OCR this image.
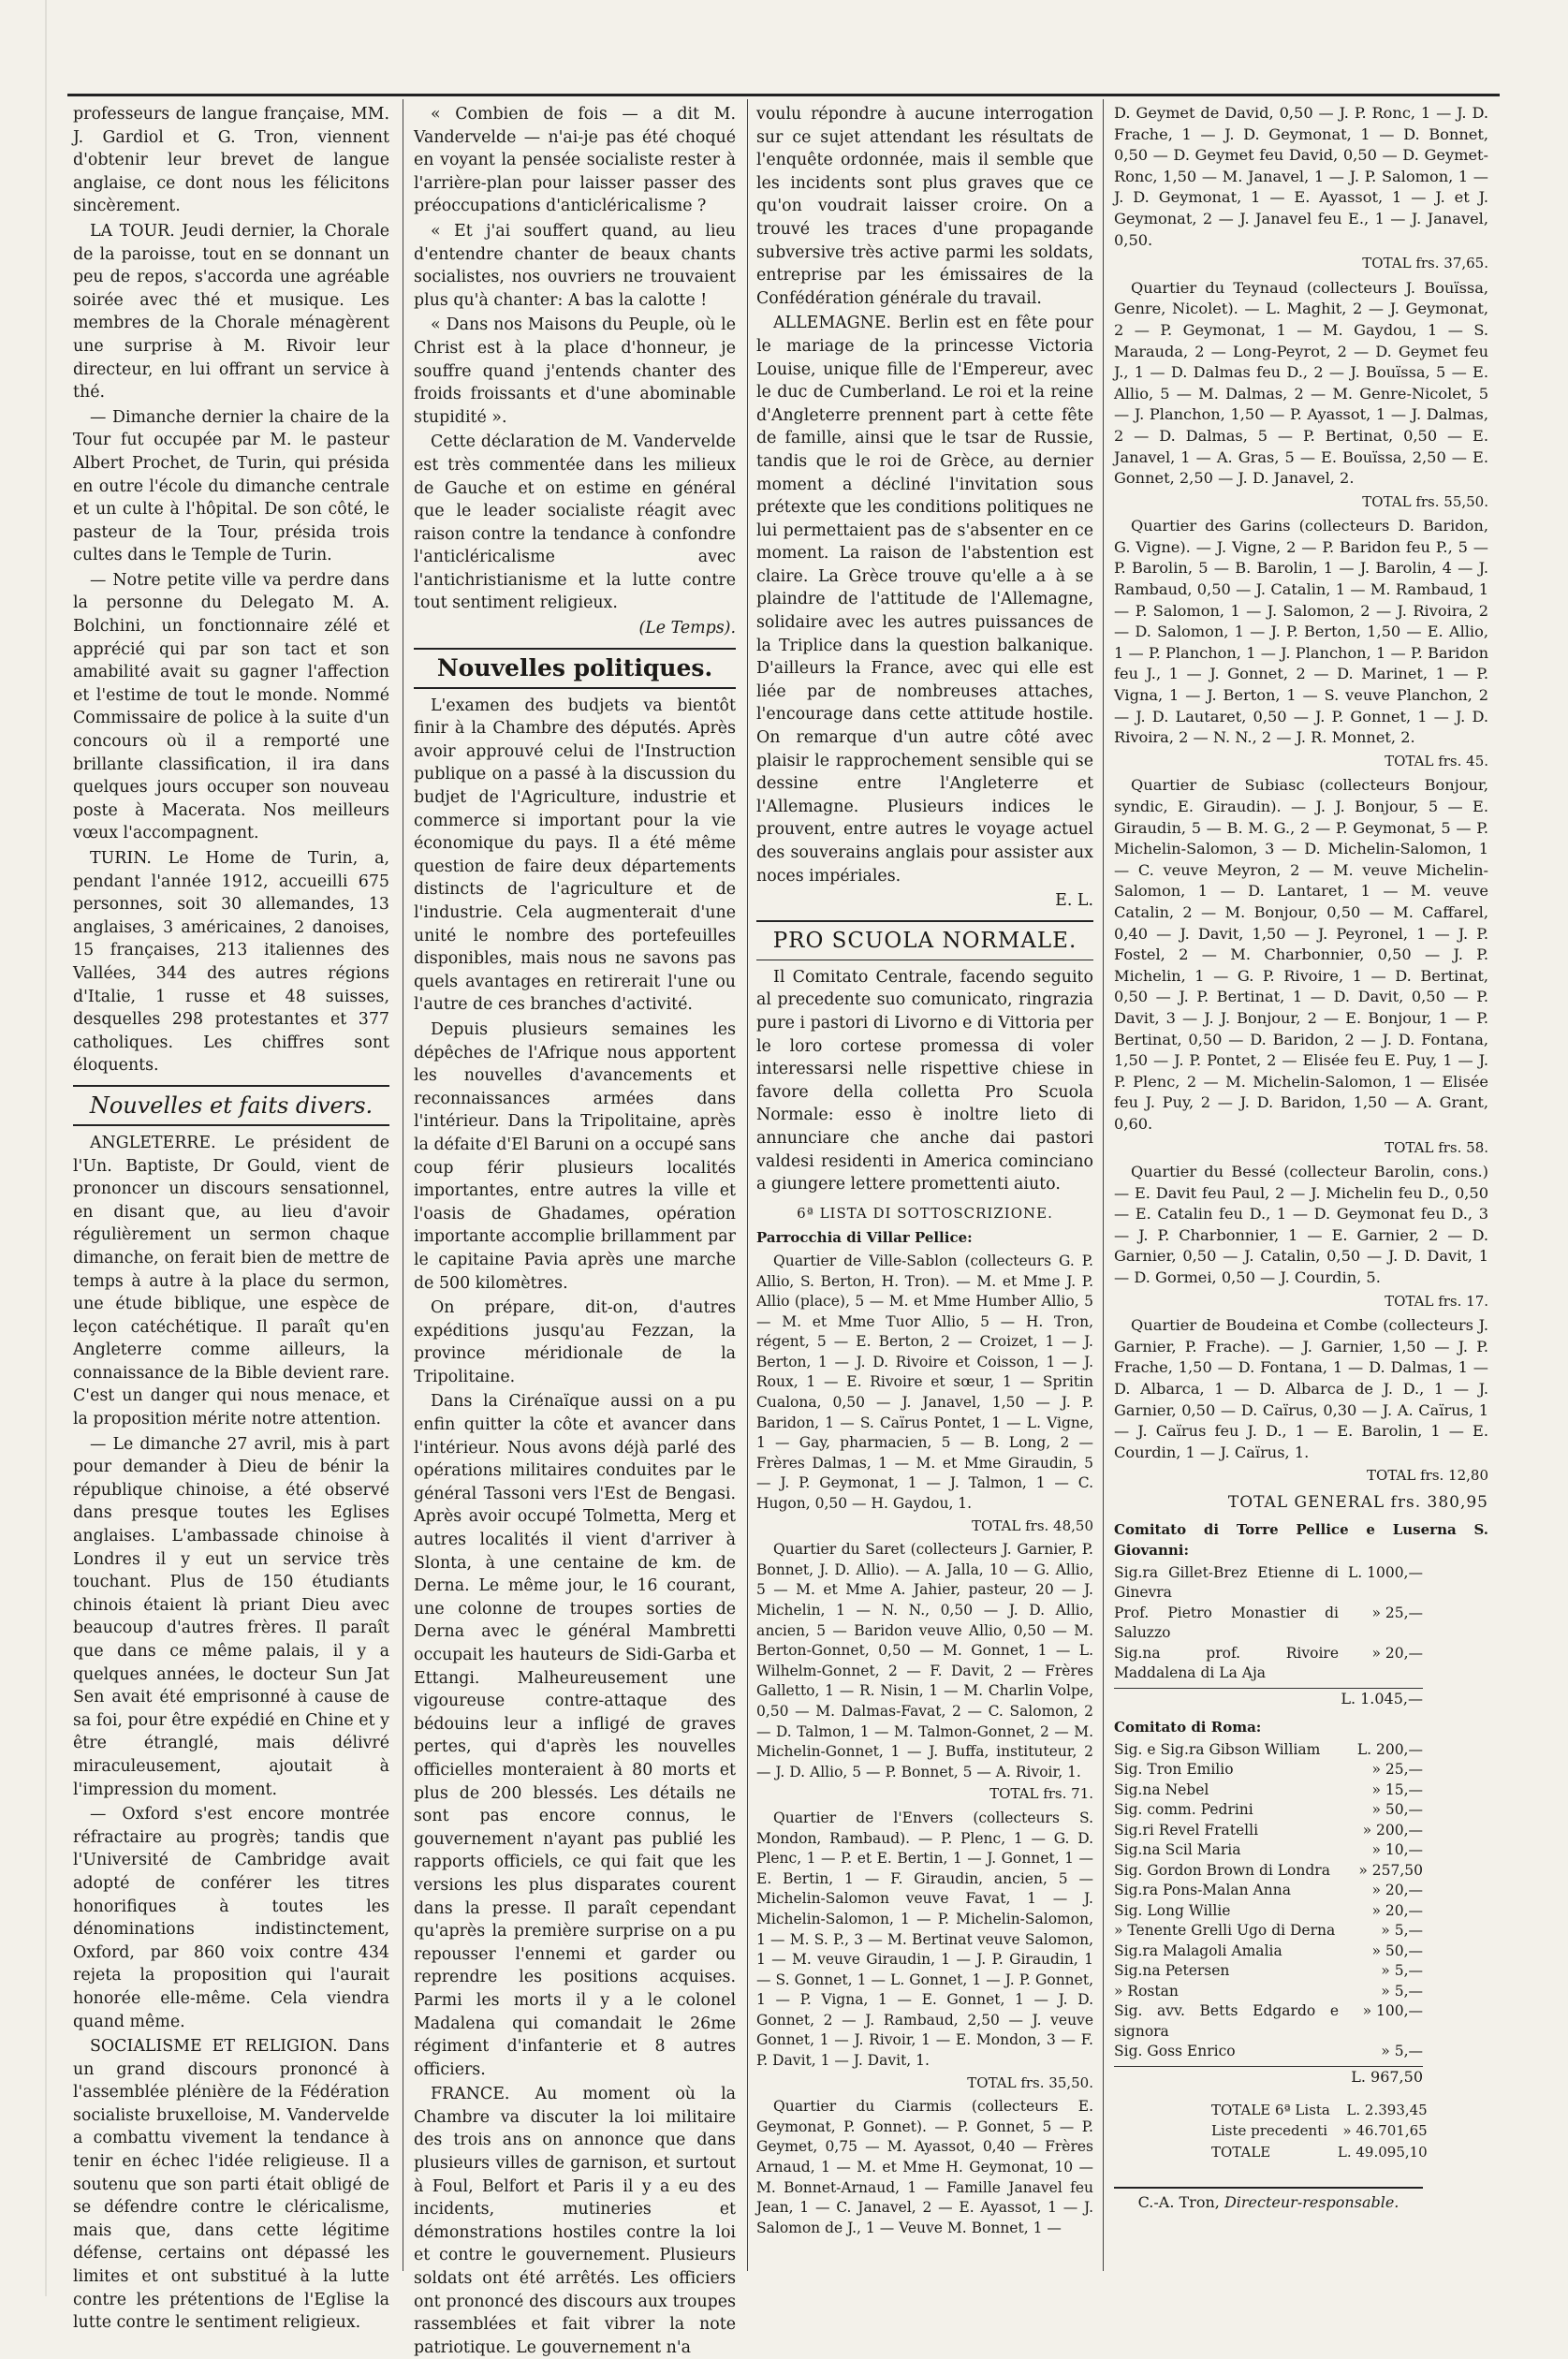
professeurs de langue française, MM. J. Gardiol et G. Tron, viennent d'obtenir leur brevet de langue anglaise, ce dont nous les félicitons sincèrement.

LA TOUR. Jeudi dernier, la Chorale de la paroisse, tout en se donnant un peu de repos, s'accorda une agréable soirée avec thé et musique. Les membres de la Chorale ménagèrent une surprise à M. Rivoir leur directeur, en lui offrant un service à thé.

— Dimanche dernier la chaire de la Tour fut occupée par M. le pasteur Albert Prochet, de Turin, qui présida en outre l'école du dimanche centrale et un culte à l'hôpital. De son côté, le pasteur de la Tour, présida trois cultes dans le Temple de Turin.

— Notre petite ville va perdre dans la personne du Delegato M. A. Bolchini, un fonctionnaire zélé et apprécié qui par son tact et son amabilité avait su gagner l'affection et l'estime de tout le monde. Nommé Commissaire de police à la suite d'un concours où il a remporté une brillante classification, il ira dans quelques jours occuper son nouveau poste à Macerata. Nos meilleurs vœux l'accompagnent.

TURIN. Le Home de Turin, a, pendant l'année 1912, accueilli 675 personnes, soit 30 allemandes, 13 anglaises, 3 américaines, 2 danoises, 15 françaises, 213 italiennes des Vallées, 344 des autres régions d'Italie, 1 russe et 48 suisses, desquelles 298 protestantes et 377 catholiques. Les chiffres sont éloquents.

Nouvelles et faits divers.

ANGLETERRE. Le président de l'Un. Baptiste, Dr Gould, vient de prononcer un discours sensationnel, en disant que, au lieu d'avoir régulièrement un sermon chaque dimanche, on ferait bien de mettre de temps à autre à la place du sermon, une étude biblique, une espèce de leçon catéchétique. Il paraît qu'en Angleterre comme ailleurs, la connaissance de la Bible devient rare. C'est un danger qui nous menace, et la proposition mérite notre attention.

— Le dimanche 27 avril, mis à part pour demander à Dieu de bénir la république chinoise, a été observé dans presque toutes les Eglises anglaises. L'ambassade chinoise à Londres il y eut un service très touchant. Plus de 150 étudiants chinois étaient là priant Dieu avec beaucoup d'autres frères. Il paraît que dans ce même palais, il y a quelques années, le docteur Sun Jat Sen avait été emprisonné à cause de sa foi, pour être expédié en Chine et y être étranglé, mais délivré miraculeusement, ajoutait à l'impression du moment.

— Oxford s'est encore montrée réfractaire au progrès; tandis que l'Université de Cambridge avait adopté de conférer les titres honorifiques à toutes les dénominations indistinctement, Oxford, par 860 voix contre 434 rejeta la proposition qui l'aurait honorée elle-même. Cela viendra quand même.

SOCIALISME ET RELIGION. Dans un grand discours prononcé à l'assemblée plénière de la Fédération socialiste bruxelloise, M. Vandervelde a combattu vivement la tendance à tenir en échec l'idée religieuse. Il a soutenu que son parti était obligé de se défendre contre le cléricalisme, mais que, dans cette légitime défense, certains ont dépassé les limites et ont substitué à la lutte contre les prétentions de l'Eglise la lutte contre le sentiment religieux.

« Combien de fois — a dit M. Vandervelde — n'ai-je pas été choqué en voyant la pensée socialiste rester à l'arrière-plan pour laisser passer des préoccupations d'anticléricalisme ?

« Et j'ai souffert quand, au lieu d'entendre chanter de beaux chants socialistes, nos ouvriers ne trouvaient plus qu'à chanter: A bas la calotte !

« Dans nos Maisons du Peuple, où le Christ est à la place d'honneur, je souffre quand j'entends chanter des froids froissants et d'une abominable stupidité ».

Cette déclaration de M. Vandervelde est très commentée dans les milieux de Gauche et on estime en général que le leader socialiste réagit avec raison contre la tendance à confondre l'anticléricalisme avec l'antichristianisme et la lutte contre tout sentiment religieux.

(Le Temps).
Nouvelles politiques.

L'examen des budjets va bientôt finir à la Chambre des députés. Après avoir approuvé celui de l'Instruction publique on a passé à la discussion du budjet de l'Agriculture, industrie et commerce si important pour la vie économique du pays. Il a été même question de faire deux départements distincts de l'agriculture et de l'industrie. Cela augmenterait d'une unité le nombre des portefeuilles disponibles, mais nous ne savons pas quels avantages en retirerait l'une ou l'autre de ces branches d'activité.

Depuis plusieurs semaines les dépêches de l'Afrique nous apportent les nouvelles d'avancements et reconnaissances armées dans l'intérieur. Dans la Tripolitaine, après la défaite d'El Baruni on a occupé sans coup férir plusieurs localités importantes, entre autres la ville et l'oasis de Ghadames, opération importante accomplie brillamment par le capitaine Pavia après une marche de 500 kilomètres.

On prépare, dit-on, d'autres expéditions jusqu'au Fezzan, la province méridionale de la Tripolitaine.

Dans la Cirénaïque aussi on a pu enfin quitter la côte et avancer dans l'intérieur. Nous avons déjà parlé des opérations militaires conduites par le général Tassoni vers l'Est de Bengasi. Après avoir occupé Tolmetta, Merg et autres localités il vient d'arriver à Slonta, à une centaine de km. de Derna. Le même jour, le 16 courant, une colonne de troupes sorties de Derna avec le général Mambretti occupait les hauteurs de Sidi-Garba et Ettangi. Malheureusement une vigoureuse contre-attaque des bédouins leur a infligé de graves pertes, qui d'après les nouvelles officielles monteraient à 80 morts et plus de 200 blessés. Les détails ne sont pas encore connus, le gouvernement n'ayant pas publié les rapports officiels, ce qui fait que les versions les plus disparates courent dans la presse. Il paraît cependant qu'après la première surprise on a pu repousser l'ennemi et garder ou reprendre les positions acquises. Parmi les morts il y a le colonel Madalena qui comandait le 26me régiment d'infanterie et 8 autres officiers.

FRANCE. Au moment où la Chambre va discuter la loi militaire des trois ans on annonce que dans plusieurs villes de garnison, et surtout à Foul, Belfort et Paris il y a eu des incidents, mutineries et démonstrations hostiles contre la loi et contre le gouvernement. Plusieurs soldats ont été arrêtés. Les officiers ont prononcé des discours aux troupes rassemblées et fait vibrer la note patriotique. Le gouvernement n'a

voulu répondre à aucune interrogation sur ce sujet attendant les résultats de l'enquête ordonnée, mais il semble que les incidents sont plus graves que ce qu'on voudrait laisser croire. On a trouvé les traces d'une propagande subversive très active parmi les soldats, entreprise par les émissaires de la Confédération générale du travail.

ALLEMAGNE. Berlin est en fête pour le mariage de la princesse Victoria Louise, unique fille de l'Empereur, avec le duc de Cumberland. Le roi et la reine d'Angleterre prennent part à cette fête de famille, ainsi que le tsar de Russie, tandis que le roi de Grèce, au dernier moment a décliné l'invitation sous prétexte que les conditions politiques ne lui permettaient pas de s'absenter en ce moment. La raison de l'abstention est claire. La Grèce trouve qu'elle a à se plaindre de l'attitude de l'Allemagne, solidaire avec les autres puissances de la Triplice dans la question balkanique. D'ailleurs la France, avec qui elle est liée par de nombreuses attaches, l'encourage dans cette attitude hostile. On remarque d'un autre côté avec plaisir le rapprochement sensible qui se dessine entre l'Angleterre et l'Allemagne. Plusieurs indices le prouvent, entre autres le voyage actuel des souverains anglais pour assister aux noces impériales.

E. L.
PRO SCUOLA NORMALE.

Il Comitato Centrale, facendo seguito al precedente suo comunicato, ringrazia pure i pastori di Livorno e di Vittoria per le loro cortese promessa di voler interessarsi nelle rispettive chiese in favore della colletta Pro Scuola Normale: esso è inoltre lieto di annunciare che anche dai pastori valdesi residenti in America cominciano a giungere lettere promettenti aiuto.

6ª LISTA DI SOTTOSCRIZIONE.
Parrocchia di Villar Pellice:

Quartier de Ville-Sablon (collecteurs G. P. Allio, S. Berton, H. Tron). — M. et Mme J. P. Allio (place), 5 — M. et Mme Humber Allio, 5 — M. et Mme Tuor Allio, 5 — H. Tron, régent, 5 — E. Berton, 2 — Croizet, 1 — J. Berton, 1 — J. D. Rivoire et Coisson, 1 — J. Roux, 1 — E. Rivoire et sœur, 1 — Spritin Cualona, 0,50 — J. Janavel, 1,50 — J. P. Baridon, 1 — S. Caïrus Pontet, 1 — L. Vigne, 1 — Gay, pharmacien, 5 — B. Long, 2 — Frères Dalmas, 1 — M. et Mme Giraudin, 5 — J. P. Geymonat, 1 — J. Talmon, 1 — C. Hugon, 0,50 — H. Gaydou, 1.

TOTAL frs. 48,50

Quartier du Saret (collecteurs J. Garnier, P. Bonnet, J. D. Allio). — A. Jalla, 10 — G. Allio, 5 — M. et Mme A. Jahier, pasteur, 20 — J. Michelin, 1 — N. N., 0,50 — J. D. Allio, ancien, 5 — Baridon veuve Allio, 0,50 — M. Berton-Gonnet, 0,50 — M. Gonnet, 1 — L. Wilhelm-Gonnet, 2 — F. Davit, 2 — Frères Galletto, 1 — R. Nisin, 1 — M. Charlin Volpe, 0,50 — M. Dalmas-Favat, 2 — C. Salomon, 2 — D. Talmon, 1 — M. Talmon-Gonnet, 2 — M. Michelin-Gonnet, 1 — J. Buffa, instituteur, 2 — J. D. Allio, 5 — P. Bonnet, 5 — A. Rivoir, 1.

TOTAL frs. 71.

Quartier de l'Envers (collecteurs S. Mondon, Rambaud). — P. Plenc, 1 — G. D. Plenc, 1 — P. et E. Bertin, 1 — J. Gonnet, 1 — E. Bertin, 1 — F. Giraudin, ancien, 5 — Michelin-Salomon veuve Favat, 1 — J. Michelin-Salomon, 1 — P. Michelin-Salomon, 1 — M. S. P., 3 — M. Bertinat veuve Salomon, 1 — M. veuve Giraudin, 1 — J. P. Giraudin, 1 — S. Gonnet, 1 — L. Gonnet, 1 — J. P. Gonnet, 1 — P. Vigna, 1 — E. Gonnet, 1 — J. D. Gonnet, 2 — J. Rambaud, 2,50 — J. veuve Gonnet, 1 — J. Rivoir, 1 — E. Mondon, 3 — F. P. Davit, 1 — J. Davit, 1.

TOTAL frs. 35,50.

Quartier du Ciarmis (collecteurs E. Geymonat, P. Gonnet). — P. Gonnet, 5 — P. Geymet, 0,75 — M. Ayassot, 0,40 — Frères Arnaud, 1 — M. et Mme H. Geymonat, 10 — M. Bonnet-Arnaud, 1 — Famille Janavel feu Jean, 1 — C. Janavel, 2 — E. Ayassot, 1 — J. Salomon de J., 1 — Veuve M. Bonnet, 1 —

D. Geymet de David, 0,50 — J. P. Ronc, 1 — J. D. Frache, 1 — J. D. Geymonat, 1 — D. Bonnet, 0,50 — D. Geymet feu David, 0,50 — D. Geymet-Ronc, 1,50 — M. Janavel, 1 — J. P. Salomon, 1 — J. D. Geymonat, 1 — E. Ayassot, 1 — J. et J. Geymonat, 2 — J. Janavel feu E., 1 — J. Janavel, 0,50.

TOTAL frs. 37,65.

Quartier du Teynaud (collecteurs J. Bouïssa, Genre, Nicolet). — L. Maghit, 2 — J. Geymonat, 2 — P. Geymonat, 1 — M. Gaydou, 1 — S. Marauda, 2 — Long-Peyrot, 2 — D. Geymet feu J., 1 — D. Dalmas feu D., 2 — J. Bouïssa, 5 — E. Allio, 5 — M. Dalmas, 2 — M. Genre-Nicolet, 5 — J. Planchon, 1,50 — P. Ayassot, 1 — J. Dalmas, 2 — D. Dalmas, 5 — P. Bertinat, 0,50 — E. Janavel, 1 — A. Gras, 5 — E. Bouïssa, 2,50 — E. Gonnet, 2,50 — J. D. Janavel, 2.

TOTAL frs. 55,50.

Quartier des Garins (collecteurs D. Baridon, G. Vigne). — J. Vigne, 2 — P. Baridon feu P., 5 — P. Barolin, 5 — B. Barolin, 1 — J. Barolin, 4 — J. Rambaud, 0,50 — J. Catalin, 1 — M. Rambaud, 1 — P. Salomon, 1 — J. Salomon, 2 — J. Rivoira, 2 — D. Salomon, 1 — J. P. Berton, 1,50 — E. Allio, 1 — P. Planchon, 1 — J. Planchon, 1 — P. Baridon feu J., 1 — J. Gonnet, 2 — D. Marinet, 1 — P. Vigna, 1 — J. Berton, 1 — S. veuve Planchon, 2 — J. D. Lautaret, 0,50 — J. P. Gonnet, 1 — J. D. Rivoira, 2 — N. N., 2 — J. R. Monnet, 2.

TOTAL frs. 45.

Quartier de Subiasc (collecteurs Bonjour, syndic, E. Giraudin). — J. J. Bonjour, 5 — E. Giraudin, 5 — B. M. G., 2 — P. Geymonat, 5 — P. Michelin-Salomon, 3 — D. Michelin-Salomon, 1 — C. veuve Meyron, 2 — M. veuve Michelin-Salomon, 1 — D. Lantaret, 1 — M. veuve Catalin, 2 — M. Bonjour, 0,50 — M. Caffarel, 0,40 — J. Davit, 1,50 — J. Peyronel, 1 — J. P. Fostel, 2 — M. Charbonnier, 0,50 — J. P. Michelin, 1 — G. P. Rivoire, 1 — D. Bertinat, 0,50 — J. P. Bertinat, 1 — D. Davit, 0,50 — P. Davit, 3 — J. J. Bonjour, 2 — E. Bonjour, 1 — P. Bertinat, 0,50 — D. Baridon, 2 — J. D. Fontana, 1,50 — J. P. Pontet, 2 — Elisée feu E. Puy, 1 — J. P. Plenc, 2 — M. Michelin-Salomon, 1 — Elisée feu J. Puy, 2 — J. D. Baridon, 1,50 — A. Grant, 0,60.

TOTAL frs. 58.

Quartier du Bessé (collecteur Barolin, cons.) — E. Davit feu Paul, 2 — J. Michelin feu D., 0,50 — E. Catalin feu D., 1 — D. Geymonat feu D., 3 — J. P. Charbonnier, 1 — E. Garnier, 2 — D. Garnier, 0,50 — J. Catalin, 0,50 — J. D. Davit, 1 — D. Gormei, 0,50 — J. Courdin, 5.

TOTAL frs. 17.

Quartier de Boudeina et Combe (collecteurs J. Garnier, P. Frache). — J. Garnier, 1,50 — J. P. Frache, 1,50 — D. Fontana, 1 — D. Dalmas, 1 — D. Albarca, 1 — D. Albarca de J. D., 1 — J. Garnier, 0,50 — D. Caïrus, 0,30 — J. A. Caïrus, 1 — J. Caïrus feu J. D., 1 — E. Barolin, 1 — E. Courdin, 1 — J. Caïrus, 1.

TOTAL frs. 12,80
TOTAL GENERAL frs. 380,95
Comitato di Torre Pellice e Luserna S. Giovanni:
Sig.ra Gillet-Brez Etienne di Ginevra	L. 1000,—
Prof. Pietro Monastier di Saluzzo	» 25,—
Sig.na prof. Rivoire Maddalena di La Aja	» 20,—
L. 1.045,—
Comitato di Roma:
Sig. e Sig.ra Gibson William	L. 200,—
Sig. Tron Emilio	» 25,—
Sig.na Nebel	» 15,—
Sig. comm. Pedrini	» 50,—
Sig.ri Revel Fratelli	» 200,—
Sig.na Scil Maria	» 10,—
Sig. Gordon Brown di Londra	» 257,50
Sig.ra Pons-Malan Anna	» 20,—
Sig. Long Willie	» 20,—
» Tenente Grelli Ugo di Derna	» 5,—
Sig.ra Malagoli Amalia	» 50,—
Sig.na Petersen	» 5,—
» Rostan	» 5,—
Sig. avv. Betts Edgardo e signora	» 100,—
Sig. Goss Enrico	» 5,—
L. 967,50
TOTALE 6ª Lista	L. 2.393,45
Liste precedenti	» 46.701,65
TOTALE	L. 49.095,10
C.-A. Tron, Directeur-responsable.
